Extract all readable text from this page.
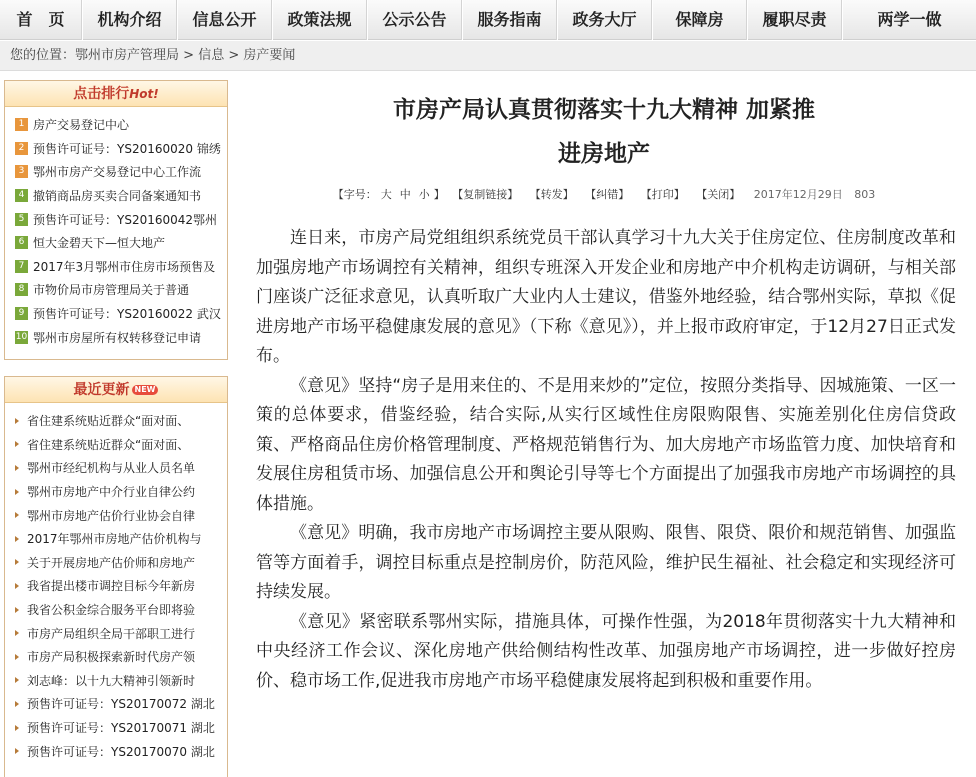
首　页	机构介绍	信息公开	政策法规	公示公告	服务指南	政务大厅	保障房	履职尽责	两学一做
您的位置：鄂州市房产管理局 > 信息 > 房产要闻
点击排行Hot!
1 房产交易登记中心
2 预售许可证号：YS20160020 锦绣
3 鄂州市房产交易登记中心工作流
4 撤销商品房买卖合同备案通知书
5 预售许可证号：YS20160042鄂州
6 恒大金碧天下—恒大地产
7 2017年3月鄂州市住房市场预售及
8 市物价局市房管理局关于普通
9 预售许可证号：YS20160022 武汉
10 鄂州市房屋所有权转移登记申请
最近更新 NEW
省住建系统贴近群众“面对面、
省住建系统贴近群众“面对面、
鄂州市经纪机构与从业人员名单
鄂州市房地产中介行业自律公约
鄂州市房地产估价行业协会自律
2017年鄂州市房地产估价机构与
关于开展房地产估价师和房地产
我省提出楼市调控目标今年新房
我省公积金综合服务平台即将验
市房产局组织全局干部职工进行
市房产局积极探索新时代房产领
刘志峰：以十九大精神引领新时
预售许可证号：YS20170072 湖北
预售许可证号：YS20170071 湖北
预售许可证号：YS20170070 湖北
市房产局认真贯彻落实十九大精神 加紧推
进房地产
【字号： 大 中 小 】 【复制链接】 【转发】 【纠错】 【打印】 【关闭】 2017年12月29日 803

连日来，市房产局党组组织系统党员干部认真学习十九大关于住房定位、住房制度改革和加强房地产市场调控有关精神，组织专班深入开发企业和房地产中介机构走访调研，与相关部门座谈广泛征求意见，认真听取广大业内人士建议，借鉴外地经验，结合鄂州实际，草拟《促进房地产市场平稳健康发展的意见》（下称《意见》），并上报市政府审定，于12月27日正式发布。

《意见》坚持“房子是用来住的、不是用来炒的”定位，按照分类指导、因城施策、一区一策的总体要求，借鉴经验，结合实际,从实行区域性住房限购限售、实施差别化住房信贷政策、严格商品住房价格管理制度、严格规范销售行为、加大房地产市场监管力度、加快培育和发展住房租赁市场、加强信息公开和舆论引导等七个方面提出了加强我市房地产市场调控的具体措施。

《意见》明确，我市房地产市场调控主要从限购、限售、限贷、限价和规范销售、加强监管等方面着手，调控目标重点是控制房价，防范风险，维护民生福祉、社会稳定和实现经济可持续发展。

《意见》紧密联系鄂州实际，措施具体，可操作性强，为2018年贯彻落实十九大精神和中央经济工作会议、深化房地产供给侧结构性改革、加强房地产市场调控，进一步做好控房价、稳市场工作,促进我市房地产市场平稳健康发展将起到积极和重要作用。
